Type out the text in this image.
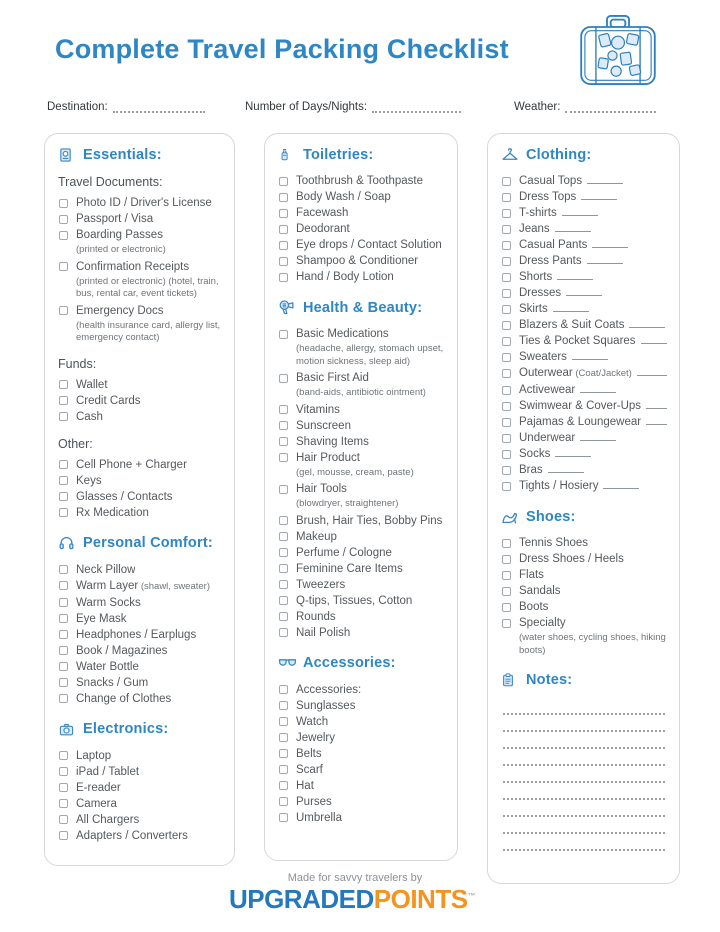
Complete Travel Packing Checklist
Destination:	Number of Days/Nights:	Weather:
Essentials:
Travel Documents:
Photo ID / Driver's License
Passport / Visa
Boarding Passes
(printed or electronic)
Confirmation Receipts
(printed or electronic) (hotel, train, bus, rental car, event tickets)
Emergency Docs
(health insurance card, allergy list, emergency contact)
Funds:
Wallet
Credit Cards
Cash
Other:
Cell Phone + Charger
Keys
Glasses / Contacts
Rx Medication
Personal Comfort:
Neck Pillow
Warm Layer (shawl, sweater)
Warm Socks
Eye Mask
Headphones / Earplugs
Book / Magazines
Water Bottle
Snacks / Gum
Change of Clothes
Electronics:
Laptop
iPad / Tablet
E-reader
Camera
All Chargers
Adapters / Converters
Toiletries:
Toothbrush & Toothpaste
Body Wash / Soap
Facewash
Deodorant
Eye drops / Contact Solution
Shampoo & Conditioner
Hand / Body Lotion
Health & Beauty:
Basic Medications
(headache, allergy, stomach upset, motion sickness, sleep aid)
Basic First Aid
(band-aids, antibiotic ointment)
Vitamins
Sunscreen
Shaving Items
Hair Product
(gel, mousse, cream, paste)
Hair Tools
(blowdryer, straightener)
Brush, Hair Ties, Bobby Pins
Makeup
Perfume / Cologne
Feminine Care Items
Tweezers
Q-tips, Tissues, Cotton
Rounds
Nail Polish
Accessories:
Accessories:
Sunglasses
Watch
Jewelry
Belts
Scarf
Hat
Purses
Umbrella
Clothing:
Casual Tops
Dress Tops
T-shirts
Jeans
Casual Pants
Dress Pants
Shorts
Dresses
Skirts
Blazers & Suit Coats
Ties & Pocket Squares
Sweaters
Outerwear (Coat/Jacket)
Activewear
Swimwear & Cover-Ups
Pajamas & Loungewear
Underwear
Socks
Bras
Tights / Hosiery
Shoes:
Tennis Shoes
Dress Shoes / Heels
Flats
Sandals
Boots
Specialty
(water shoes, cycling shoes, hiking boots)
Notes:
Made for savvy travelers by
UPGRADEDPOINTS™
